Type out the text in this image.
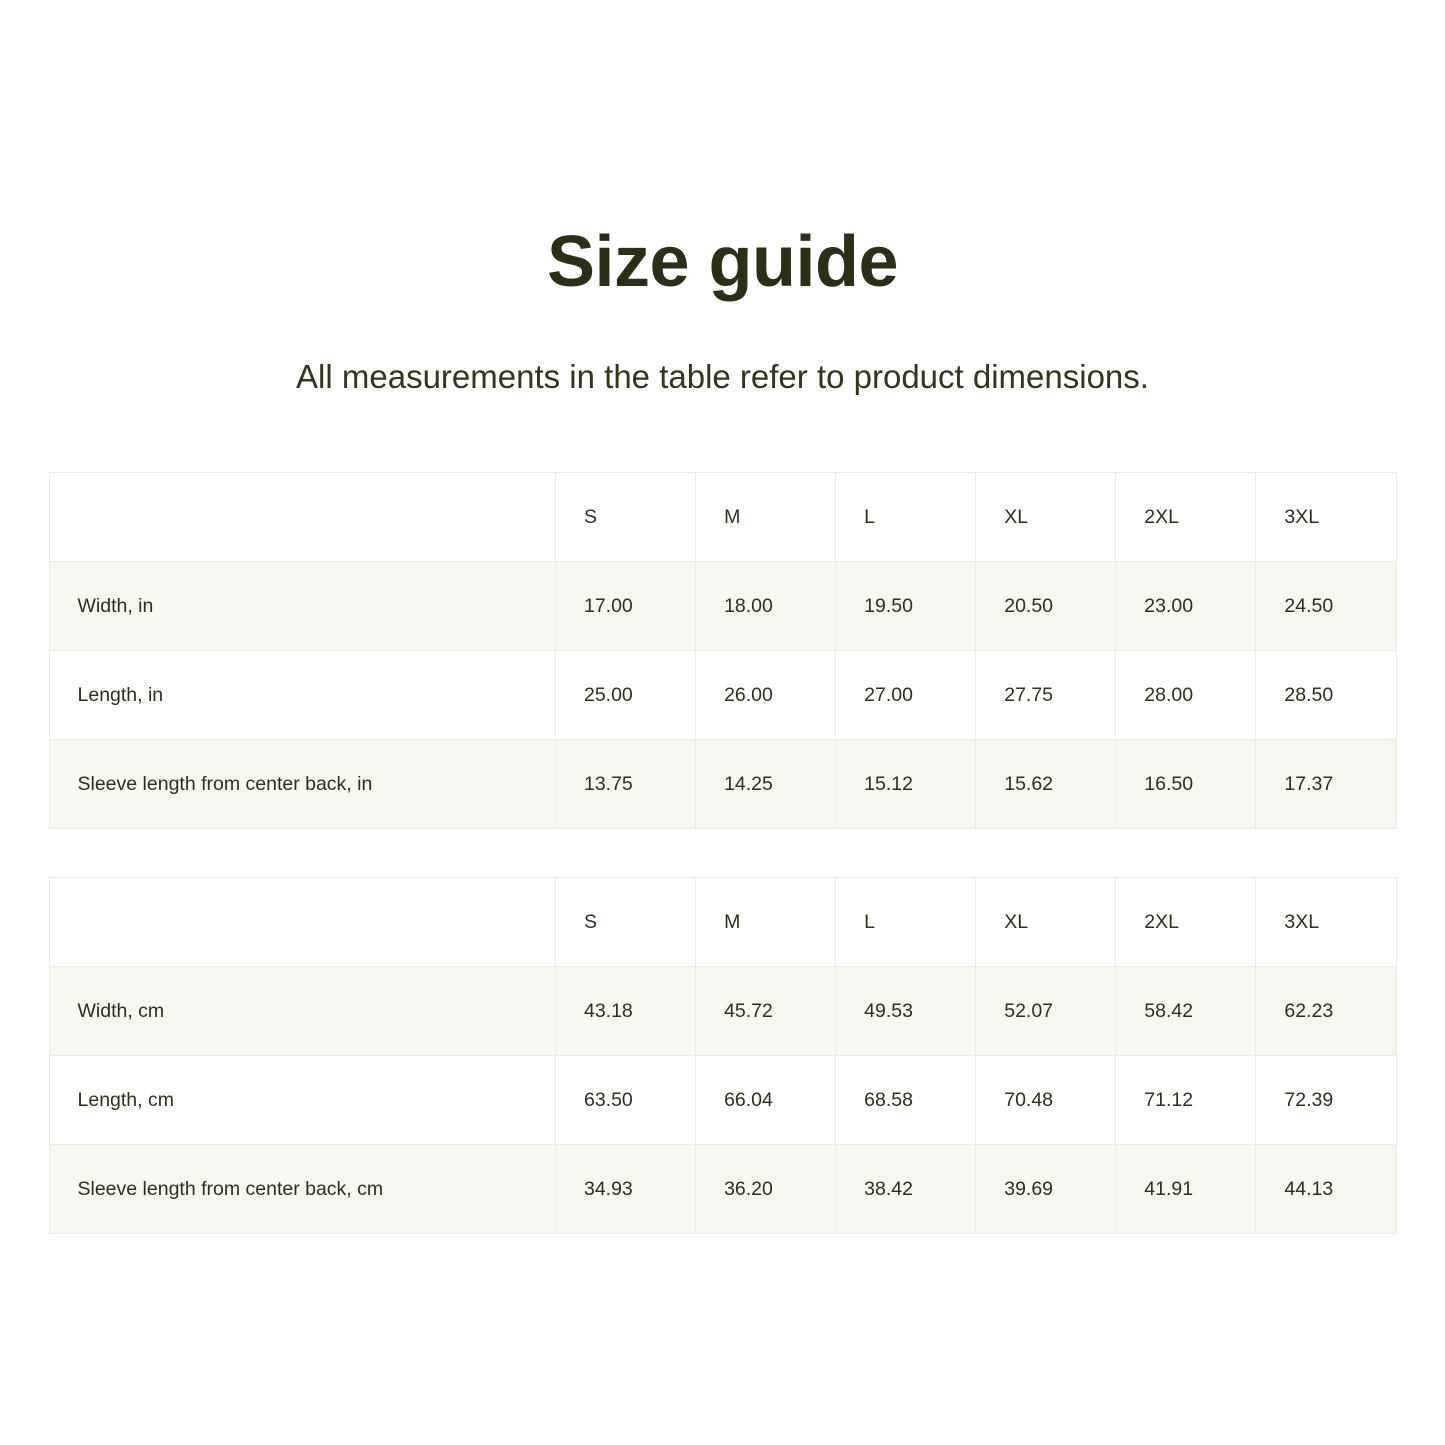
Size guide

All measurements in the table refer to product dimensions.

	S	M	L	XL	2XL	3XL
Width, in	17.00	18.00	19.50	20.50	23.00	24.50
Length, in	25.00	26.00	27.00	27.75	28.00	28.50
Sleeve length from center back, in	13.75	14.25	15.12	15.62	16.50	17.37
	S	M	L	XL	2XL	3XL
Width, cm	43.18	45.72	49.53	52.07	58.42	62.23
Length, cm	63.50	66.04	68.58	70.48	71.12	72.39
Sleeve length from center back, cm	34.93	36.20	38.42	39.69	41.91	44.13
